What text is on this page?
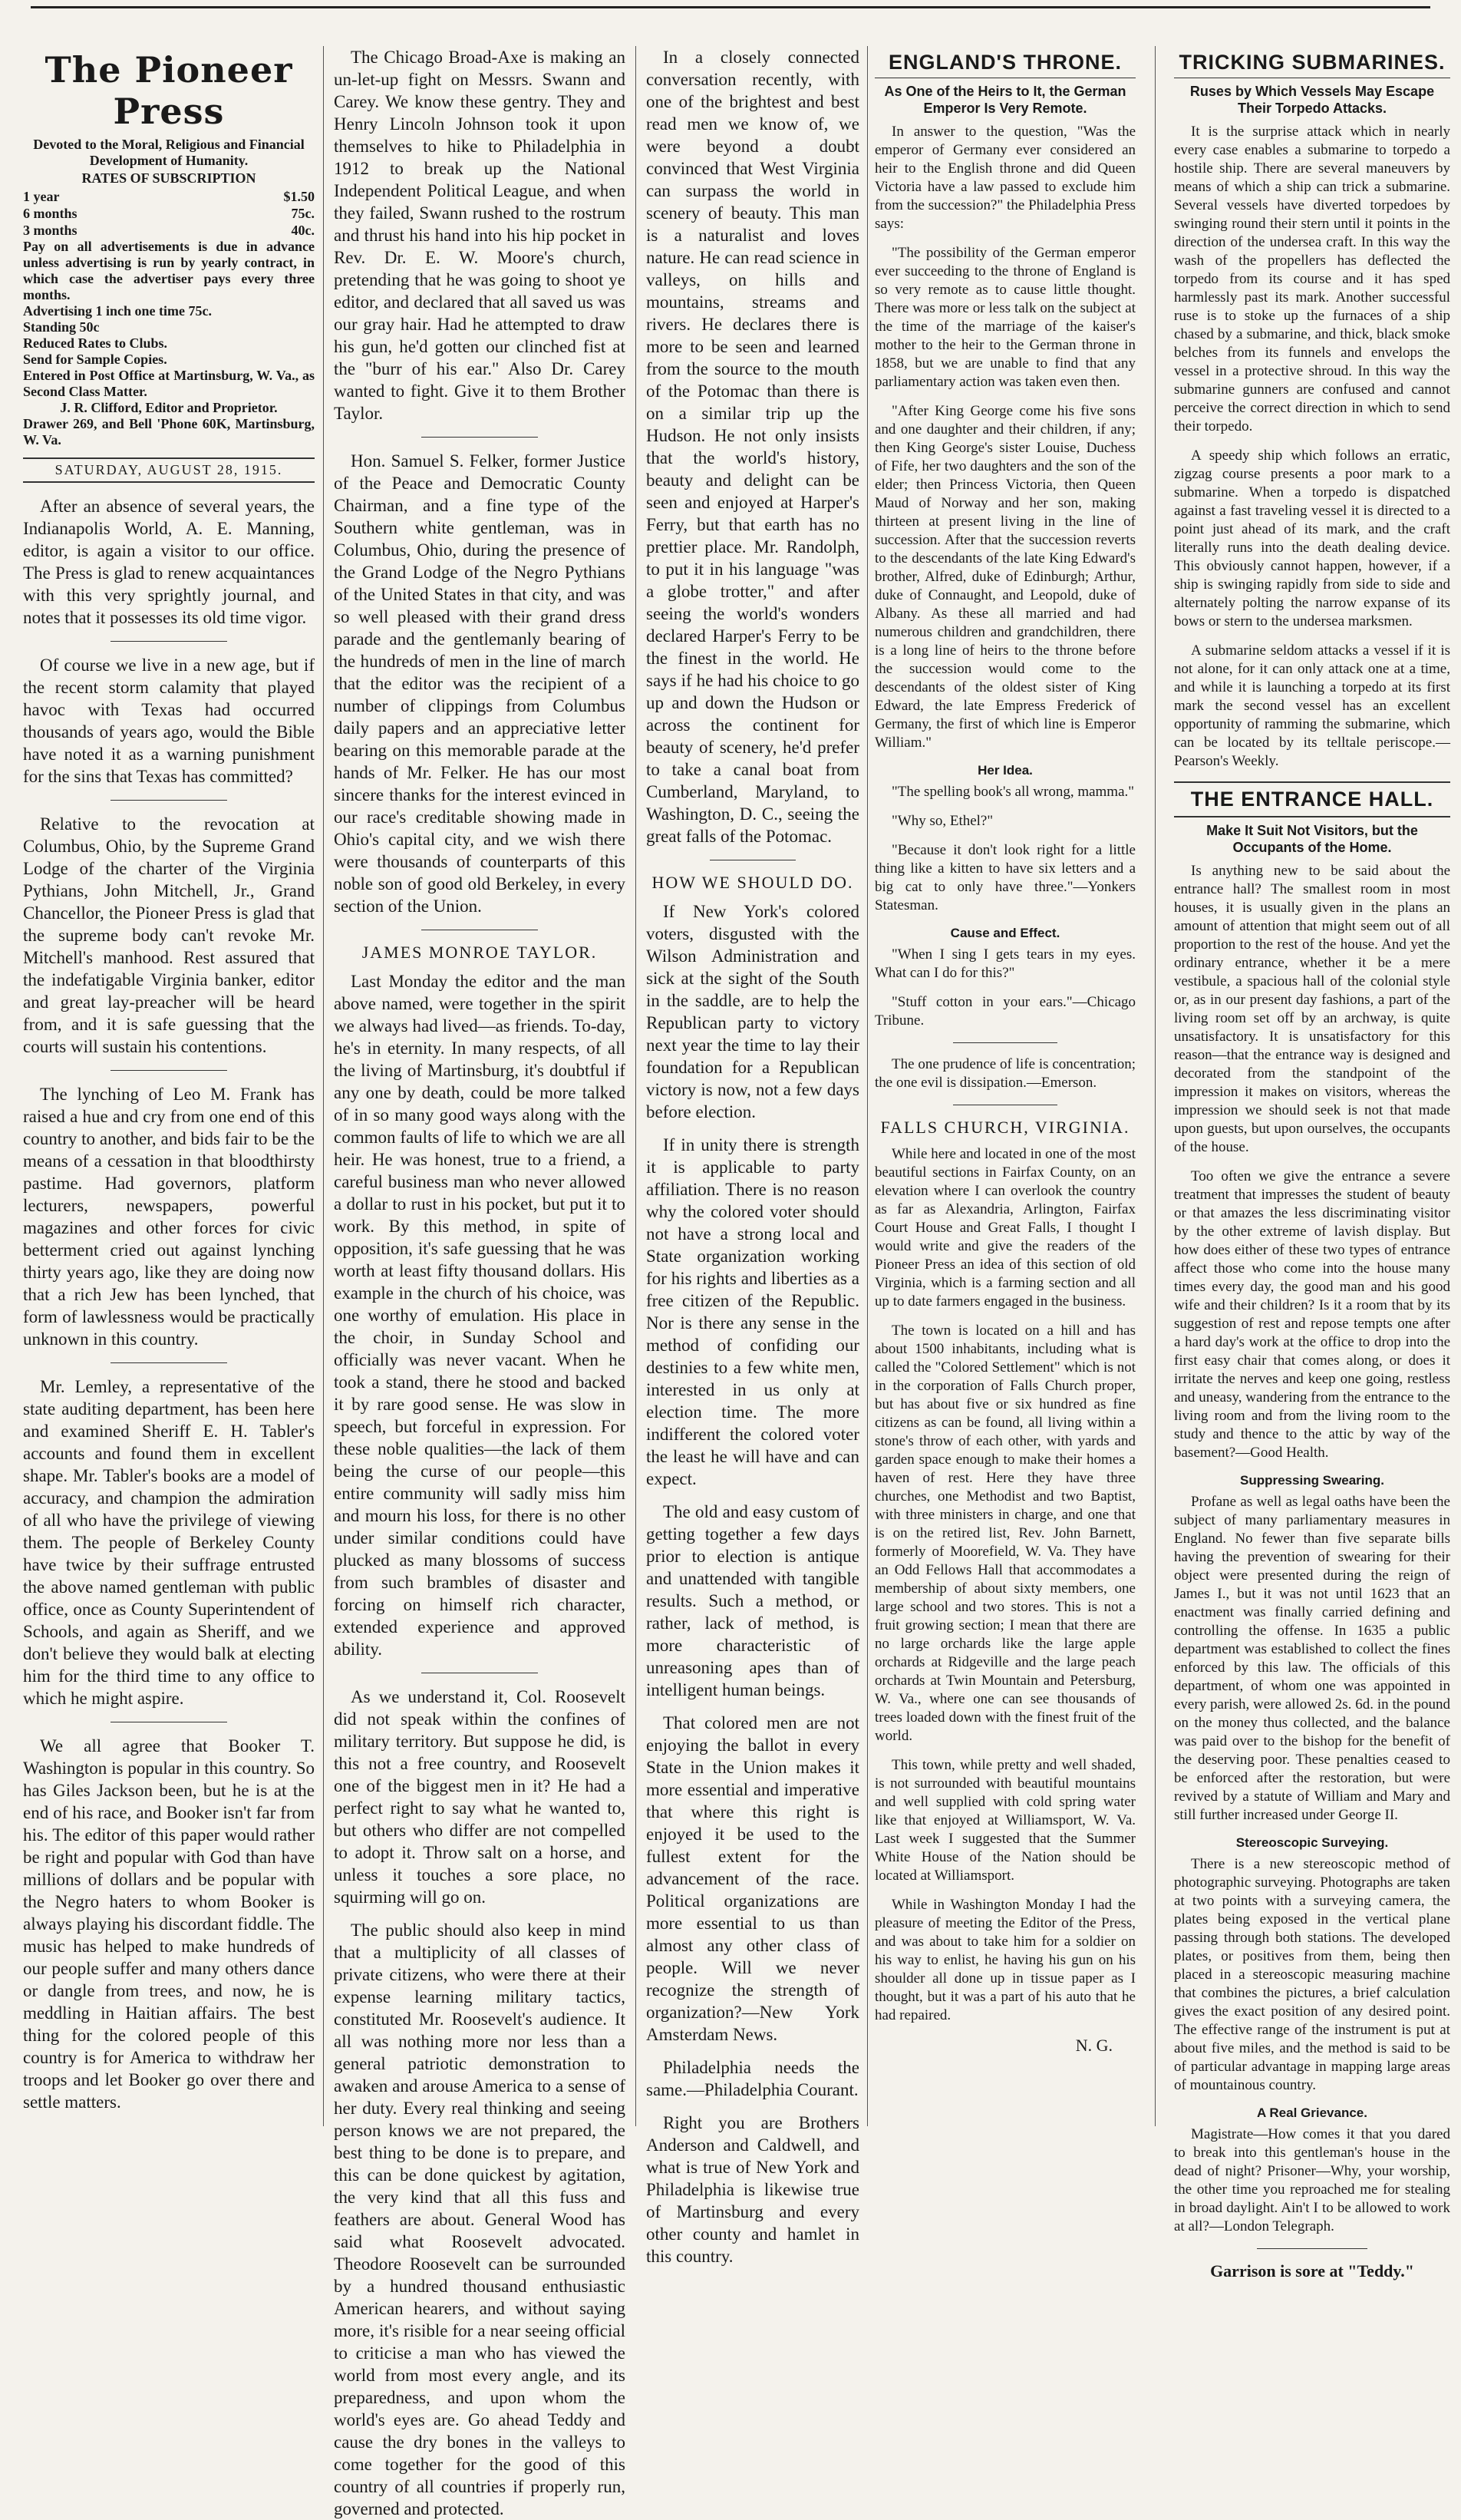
The Pioneer Press

Devoted to the Moral, Religious and Financial Development of Humanity.

RATES OF SUBSCRIPTION
1 year	$1.50
6 months	75c.
3 months	40c.

Pay on all advertisements is due in advance unless advertising is run by yearly contract, in which case the advertiser pays every three months.

Advertising 1 inch one time 75c.

Standing 50c

Reduced Rates to Clubs.

Send for Sample Copies.

Entered in Post Office at Martinsburg, W. Va., as Second Class Matter.

J. R. Clifford, Editor and Proprietor.

Drawer 269, and Bell 'Phone 60K, Martinsburg, W. Va.

SATURDAY, AUGUST 28, 1915.

After an absence of several years, the Indianapolis World, A. E. Manning, editor, is again a visitor to our office. The Press is glad to renew acquaintances with this very sprightly journal, and notes that it possesses its old time vigor.

Of course we live in a new age, but if the recent storm calamity that played havoc with Texas had occurred thousands of years ago, would the Bible have noted it as a warning punishment for the sins that Texas has committed?

Relative to the revocation at Columbus, Ohio, by the Supreme Grand Lodge of the charter of the Virginia Pythians, John Mitchell, Jr., Grand Chancellor, the Pioneer Press is glad that the supreme body can't revoke Mr. Mitchell's manhood. Rest assured that the indefatigable Virginia banker, editor and great lay-preacher will be heard from, and it is safe guessing that the courts will sustain his contentions.

The lynching of Leo M. Frank has raised a hue and cry from one end of this country to another, and bids fair to be the means of a cessation in that bloodthirsty pastime. Had governors, platform lecturers, newspapers, powerful magazines and other forces for civic betterment cried out against lynching thirty years ago, like they are doing now that a rich Jew has been lynched, that form of lawlessness would be practically unknown in this country.

Mr. Lemley, a representative of the state auditing department, has been here and examined Sheriff E. H. Tabler's accounts and found them in excellent shape. Mr. Tabler's books are a model of accuracy, and champion the admiration of all who have the privilege of viewing them. The people of Berkeley County have twice by their suffrage entrusted the above named gentleman with public office, once as County Superintendent of Schools, and again as Sheriff, and we don't believe they would balk at electing him for the third time to any office to which he might aspire.

We all agree that Booker T. Washington is popular in this country. So has Giles Jackson been, but he is at the end of his race, and Booker isn't far from his. The editor of this paper would rather be right and popular with God than have millions of dollars and be popular with the Negro haters to whom Booker is always playing his discordant fiddle. The music has helped to make hundreds of our people suffer and many others dance or dangle from trees, and now, he is meddling in Haitian affairs. The best thing for the colored people of this country is for America to withdraw her troops and let Booker go over there and settle matters.

The Chicago Broad-Axe is making an un-let-up fight on Messrs. Swann and Carey. We know these gentry. They and Henry Lincoln Johnson took it upon themselves to hike to Philadelphia in 1912 to break up the National Independent Political League, and when they failed, Swann rushed to the rostrum and thrust his hand into his hip pocket in Rev. Dr. E. W. Moore's church, pretending that he was going to shoot ye editor, and declared that all saved us was our gray hair. Had he attempted to draw his gun, he'd gotten our clinched fist at the "burr of his ear." Also Dr. Carey wanted to fight. Give it to them Brother Taylor.

Hon. Samuel S. Felker, former Justice of the Peace and Democratic County Chairman, and a fine type of the Southern white gentleman, was in Columbus, Ohio, during the presence of the Grand Lodge of the Negro Pythians of the United States in that city, and was so well pleased with their grand dress parade and the gentlemanly bearing of the hundreds of men in the line of march that the editor was the recipient of a number of clippings from Columbus daily papers and an appreciative letter bearing on this memorable parade at the hands of Mr. Felker. He has our most sincere thanks for the interest evinced in our race's creditable showing made in Ohio's capital city, and we wish there were thousands of counterparts of this noble son of good old Berkeley, in every section of the Union.

JAMES MONROE TAYLOR.

Last Monday the editor and the man above named, were together in the spirit we always had lived—as friends. To-day, he's in eternity. In many respects, of all the living of Martinsburg, it's doubtful if any one by death, could be more talked of in so many good ways along with the common faults of life to which we are all heir. He was honest, true to a friend, a careful business man who never allowed a dollar to rust in his pocket, but put it to work. By this method, in spite of opposition, it's safe guessing that he was worth at least fifty thousand dollars. His example in the church of his choice, was one worthy of emulation. His place in the choir, in Sunday School and officially was never vacant. When he took a stand, there he stood and backed it by rare good sense. He was slow in speech, but forceful in expression. For these noble qualities—the lack of them being the curse of our people—this entire community will sadly miss him and mourn his loss, for there is no other under similar conditions could have plucked as many blossoms of success from such brambles of disaster and forcing on himself rich character, extended experience and approved ability.

As we understand it, Col. Roosevelt did not speak within the confines of military territory. But suppose he did, is this not a free country, and Roosevelt one of the biggest men in it? He had a perfect right to say what he wanted to, but others who differ are not compelled to adopt it. Throw salt on a horse, and unless it touches a sore place, no squirming will go on.

The public should also keep in mind that a multiplicity of all classes of private citizens, who were there at their expense learning military tactics, constituted Mr. Roosevelt's audience. It all was nothing more nor less than a general patriotic demonstration to awaken and arouse America to a sense of her duty. Every real thinking and seeing person knows we are not prepared, the best thing to be done is to prepare, and this can be done quickest by agitation, the very kind that all this fuss and feathers are about. General Wood has said what Roosevelt advocated. Theodore Roosevelt can be surrounded by a hundred thousand enthusiastic American hearers, and without saying more, it's risible for a near seeing official to criticise a man who has viewed the world from most every angle, and its preparedness, and upon whom the world's eyes are. Go ahead Teddy and cause the dry bones in the valleys to come together for the good of this country of all countries if properly run, governed and protected.

In a closely connected conversation recently, with one of the brightest and best read men we know of, we were beyond a doubt convinced that West Virginia can surpass the world in scenery of beauty. This man is a naturalist and loves nature. He can read science in valleys, on hills and mountains, streams and rivers. He declares there is more to be seen and learned from the source to the mouth of the Potomac than there is on a similar trip up the Hudson. He not only insists that the world's history, beauty and delight can be seen and enjoyed at Harper's Ferry, but that earth has no prettier place. Mr. Randolph, to put it in his language "was a globe trotter," and after seeing the world's wonders declared Harper's Ferry to be the finest in the world. He says if he had his choice to go up and down the Hudson or across the continent for beauty of scenery, he'd prefer to take a canal boat from Cumberland, Maryland, to Washington, D. C., seeing the great falls of the Potomac.

HOW WE SHOULD DO.

If New York's colored voters, disgusted with the Wilson Administration and sick at the sight of the South in the saddle, are to help the Republican party to victory next year the time to lay their foundation for a Republican victory is now, not a few days before election.

If in unity there is strength it is applicable to party affiliation. There is no reason why the colored voter should not have a strong local and State organization working for his rights and liberties as a free citizen of the Republic. Nor is there any sense in the method of confiding our destinies to a few white men, interested in us only at election time. The more indifferent the colored voter the least he will have and can expect.

The old and easy custom of getting together a few days prior to election is antique and unattended with tangible results. Such a method, or rather, lack of method, is more characteristic of unreasoning apes than of intelligent human beings.

That colored men are not enjoying the ballot in every State in the Union makes it more essential and imperative that where this right is enjoyed it be used to the fullest extent for the advancement of the race. Political organizations are more essential to us than almost any other class of people. Will we never recognize the strength of organization?—New York Amsterdam News.

Philadelphia needs the same.—Philadelphia Courant.

Right you are Brothers Anderson and Caldwell, and what is true of New York and Philadelphia is likewise true of Martinsburg and every other county and hamlet in this country.

ENGLAND'S THRONE.
As One of the Heirs to It, the German Emperor Is Very Remote.

In answer to the question, "Was the emperor of Germany ever considered an heir to the English throne and did Queen Victoria have a law passed to exclude him from the succession?" the Philadelphia Press says:

"The possibility of the German emperor ever succeeding to the throne of England is so very remote as to cause little thought. There was more or less talk on the subject at the time of the marriage of the kaiser's mother to the heir to the German throne in 1858, but we are unable to find that any parliamentary action was taken even then.

"After King George come his five sons and one daughter and their children, if any; then King George's sister Louise, Duchess of Fife, her two daughters and the son of the elder; then Princess Victoria, then Queen Maud of Norway and her son, making thirteen at present living in the line of succession. After that the succession reverts to the descendants of the late King Edward's brother, Alfred, duke of Edinburgh; Arthur, duke of Connaught, and Leopold, duke of Albany. As these all married and had numerous children and grandchildren, there is a long line of heirs to the throne before the succession would come to the descendants of the oldest sister of King Edward, the late Empress Frederick of Germany, the first of which line is Emperor William."

Her Idea.

"The spelling book's all wrong, mamma."

"Why so, Ethel?"

"Because it don't look right for a little thing like a kitten to have six letters and a big cat to only have three."—Yonkers Statesman.

Cause and Effect.

"When I sing I gets tears in my eyes. What can I do for this?"

"Stuff cotton in your ears."—Chicago Tribune.

The one prudence of life is concentration; the one evil is dissipation.—Emerson.

FALLS CHURCH, VIRGINIA.

While here and located in one of the most beautiful sections in Fairfax County, on an elevation where I can overlook the country as far as Alexandria, Arlington, Fairfax Court House and Great Falls, I thought I would write and give the readers of the Pioneer Press an idea of this section of old Virginia, which is a farming section and all up to date farmers engaged in the business.

The town is located on a hill and has about 1500 inhabitants, including what is called the "Colored Settlement" which is not in the corporation of Falls Church proper, but has about five or six hundred as fine citizens as can be found, all living within a stone's throw of each other, with yards and garden space enough to make their homes a haven of rest. Here they have three churches, one Methodist and two Baptist, with three ministers in charge, and one that is on the retired list, Rev. John Barnett, formerly of Moorefield, W. Va. They have an Odd Fellows Hall that accommodates a membership of about sixty members, one large school and two stores. This is not a fruit growing section; I mean that there are no large orchards like the large apple orchards at Ridgeville and the large peach orchards at Twin Mountain and Petersburg, W. Va., where one can see thousands of trees loaded down with the finest fruit of the world.

This town, while pretty and well shaded, is not surrounded with beautiful mountains and well supplied with cold spring water like that enjoyed at Williamsport, W. Va. Last week I suggested that the Summer White House of the Nation should be located at Williamsport.

While in Washington Monday I had the pleasure of meeting the Editor of the Press, and was about to take him for a soldier on his way to enlist, he having his gun on his shoulder all done up in tissue paper as I thought, but it was a part of his auto that he had repaired.

N. G.
TRICKING SUBMARINES.
Ruses by Which Vessels May Escape Their Torpedo Attacks.

It is the surprise attack which in nearly every case enables a submarine to torpedo a hostile ship. There are several maneuvers by means of which a ship can trick a submarine. Several vessels have diverted torpedoes by swinging round their stern until it points in the direction of the undersea craft. In this way the wash of the propellers has deflected the torpedo from its course and it has sped harmlessly past its mark. Another successful ruse is to stoke up the furnaces of a ship chased by a submarine, and thick, black smoke belches from its funnels and envelops the vessel in a protective shroud. In this way the submarine gunners are confused and cannot perceive the correct direction in which to send their torpedo.

A speedy ship which follows an erratic, zigzag course presents a poor mark to a submarine. When a torpedo is dispatched against a fast traveling vessel it is directed to a point just ahead of its mark, and the craft literally runs into the death dealing device. This obviously cannot happen, however, if a ship is swinging rapidly from side to side and alternately polting the narrow expanse of its bows or stern to the undersea marksmen.

A submarine seldom attacks a vessel if it is not alone, for it can only attack one at a time, and while it is launching a torpedo at its first mark the second vessel has an excellent opportunity of ramming the submarine, which can be located by its telltale periscope.—Pearson's Weekly.

THE ENTRANCE HALL.
Make It Suit Not Visitors, but the Occupants of the Home.

Is anything new to be said about the entrance hall? The smallest room in most houses, it is usually given in the plans an amount of attention that might seem out of all proportion to the rest of the house. And yet the ordinary entrance, whether it be a mere vestibule, a spacious hall of the colonial style or, as in our present day fashions, a part of the living room set off by an archway, is quite unsatisfactory. It is unsatisfactory for this reason—that the entrance way is designed and decorated from the standpoint of the impression it makes on visitors, whereas the impression we should seek is not that made upon guests, but upon ourselves, the occupants of the house.

Too often we give the entrance a severe treatment that impresses the student of beauty or that amazes the less discriminating visitor by the other extreme of lavish display. But how does either of these two types of entrance affect those who come into the house many times every day, the good man and his good wife and their children? Is it a room that by its suggestion of rest and repose tempts one after a hard day's work at the office to drop into the first easy chair that comes along, or does it irritate the nerves and keep one going, restless and uneasy, wandering from the entrance to the living room and from the living room to the study and thence to the attic by way of the basement?—Good Health.

Suppressing Swearing.

Profane as well as legal oaths have been the subject of many parliamentary measures in England. No fewer than five separate bills having the prevention of swearing for their object were presented during the reign of James I., but it was not until 1623 that an enactment was finally carried defining and controlling the offense. In 1635 a public department was established to collect the fines enforced by this law. The officials of this department, of whom one was appointed in every parish, were allowed 2s. 6d. in the pound on the money thus collected, and the balance was paid over to the bishop for the benefit of the deserving poor. These penalties ceased to be enforced after the restoration, but were revived by a statute of William and Mary and still further increased under George II.

Stereoscopic Surveying.

There is a new stereoscopic method of photographic surveying. Photographs are taken at two points with a surveying camera, the plates being exposed in the vertical plane passing through both stations. The developed plates, or positives from them, being then placed in a stereoscopic measuring machine that combines the pictures, a brief calculation gives the exact position of any desired point. The effective range of the instrument is put at about five miles, and the method is said to be of particular advantage in mapping large areas of mountainous country.

A Real Grievance.

Magistrate—How comes it that you dared to break into this gentleman's house in the dead of night? Prisoner—Why, your worship, the other time you reproached me for stealing in broad daylight. Ain't I to be allowed to work at all?—London Telegraph.

Garrison is sore at "Teddy."
